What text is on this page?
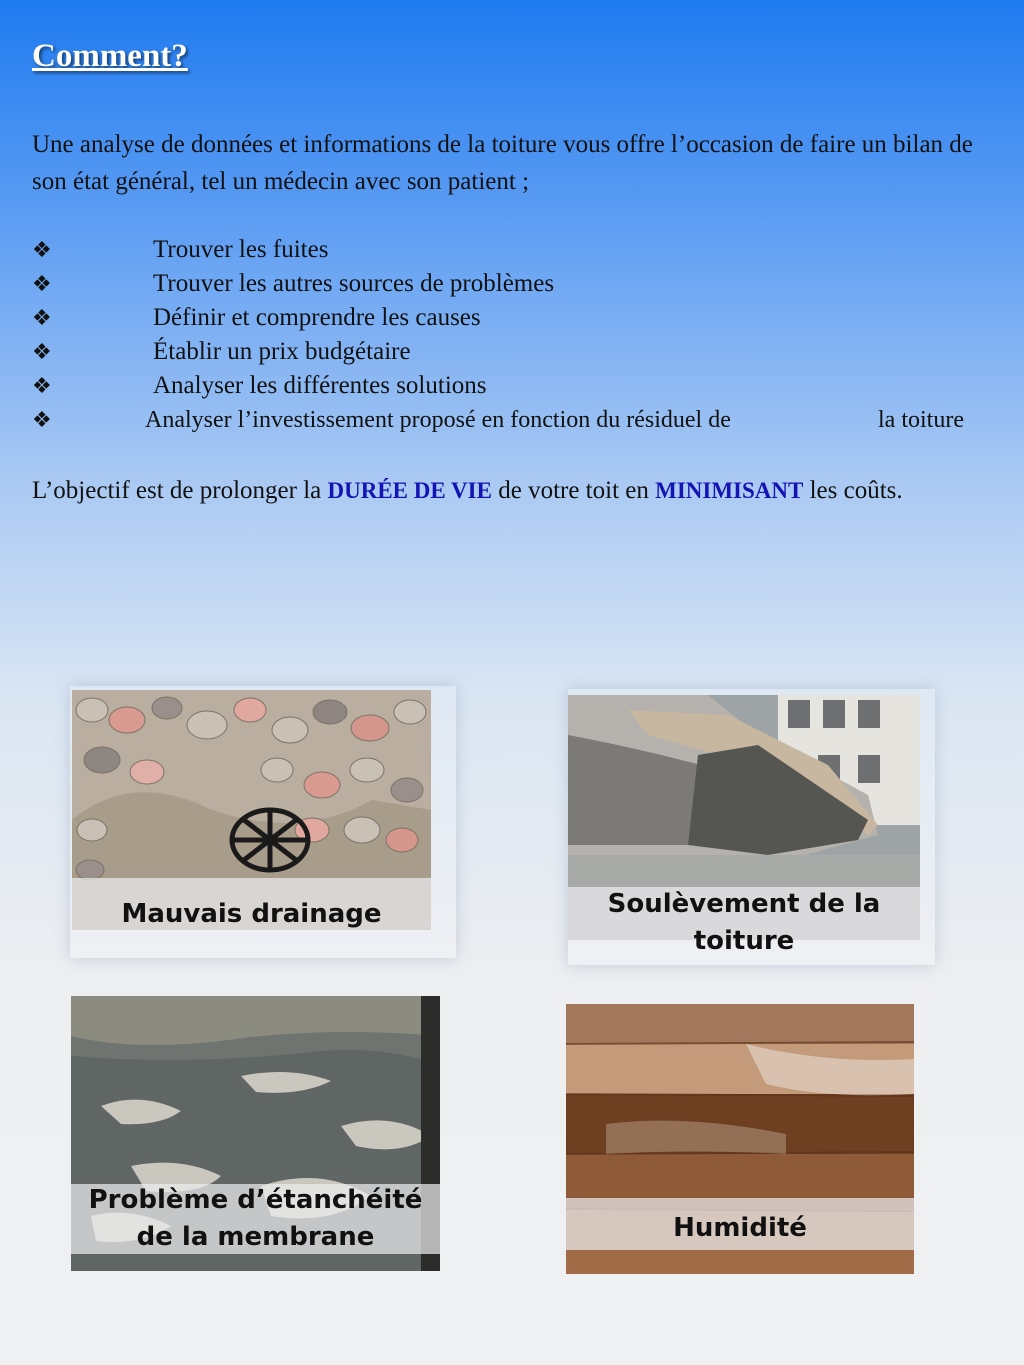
Comment?
Une analyse de données et informations de la toiture vous offre l’occasion de faire un bilan de son état général, tel un médecin avec son patient ;
❖	Trouver les fuites
❖	Trouver les autres sources de problèmes
❖	Définir et comprendre les causes
❖	Établir un prix budgétaire
❖	Analyser les différentes solutions
❖	Analyser l’investissement proposé en fonction du résiduel de	la toiture
L’objectif est de prolonger la DURÉE DE VIE de votre toit en MINIMISANT les coûts.
Mauvais drainage	Soulèvement de la
toiture
Problème d’étanchéité
de la membrane	Humidité
